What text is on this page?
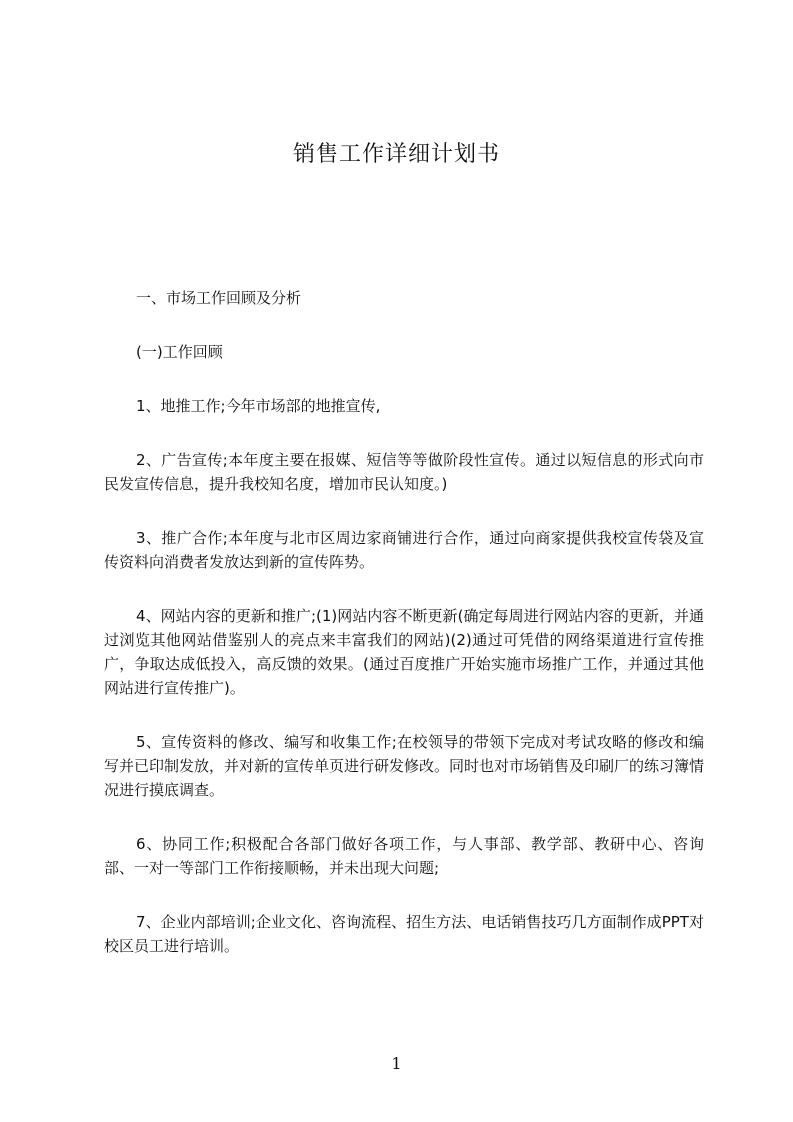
销售工作详细计划书

一、市场工作回顾及分析

(一)工作回顾

1、地推工作;今年市场部的地推宣传,

2、广告宣传;本年度主要在报媒、短信等等做阶段性宣传。通过以短信息的形式向市民发宣传信息，提升我校知名度，增加市民认知度。)

3、推广合作;本年度与北市区周边家商铺进行合作，通过向商家提供我校宣传袋及宣传资料向消费者发放达到新的宣传阵势。

4、网站内容的更新和推广;(1)网站内容不断更新(确定每周进行网站内容的更新，并通过浏览其他网站借鉴别人的亮点来丰富我们的网站)(2)通过可凭借的网络渠道进行宣传推广，争取达成低投入，高反馈的效果。(通过百度推广开始实施市场推广工作，并通过其他网站进行宣传推广)。

5、宣传资料的修改、编写和收集工作;在校领导的带领下完成对考试攻略的修改和编写并已印制发放，并对新的宣传单页进行研发修改。同时也对市场销售及印刷厂的练习簿情况进行摸底调查。

6、协同工作;积极配合各部门做好各项工作，与人事部、教学部、教研中心、咨询部、一对一等部门工作衔接顺畅，并未出现大问题;

7、企业内部培训;企业文化、咨询流程、招生方法、电话销售技巧几方面制作成PPT对校区员工进行培训。

1
